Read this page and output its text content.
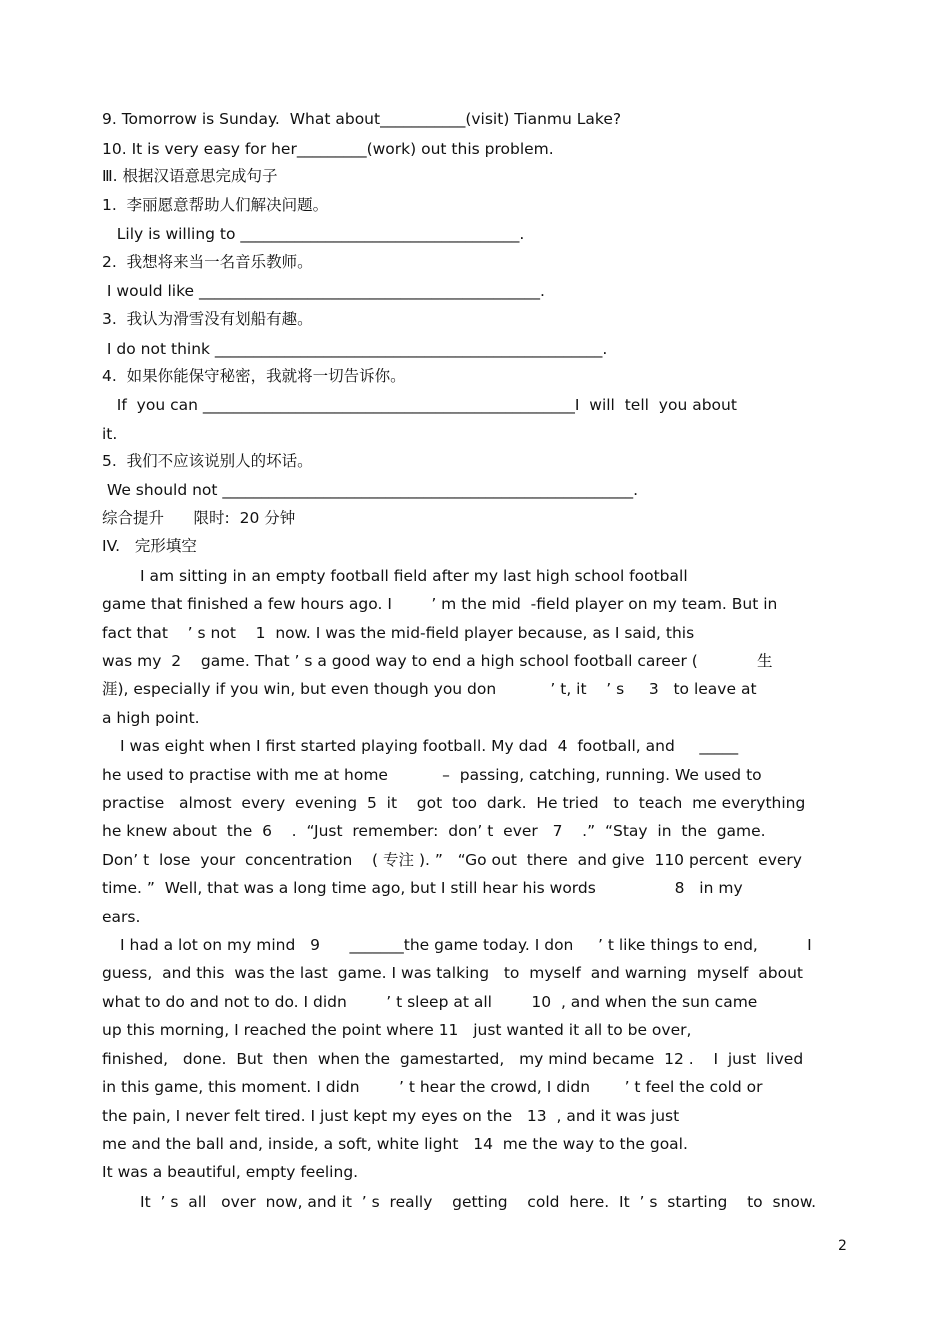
9. Tomorrow is Sunday.  What about___________(visit) Tianmu Lake?
10. It is very easy for her_________(work) out this problem.
Ⅲ. 根据汉语意思完成句子
1.  李丽愿意帮助人们解决问题。
Lily is willing to ____________________________________.
2.  我想将来当一名音乐教师。
I would like ____________________________________________.
3.  我认为滑雪没有划船有趣。
I do not think __________________________________________________.
4.  如果你能保守秘密，我就将一切告诉你。
If  you can ________________________________________________I  will  tell  you about
it.
5.  我们不应该说别人的坏话。
We should not _____________________________________________________.
综合提升      限时:  20 分钟
IV.   完形填空
I am sitting in an empty football field after my last high school football
game that finished a few hours ago. I        ’ m the mid  -field player on my team. But in
fact that    ’ s not    1  now. I was the mid-field player because, as I said, this
was my  2    game. That ’ s a good way to end a high school football career (            生
涯), especially if you win, but even though you don           ’ t, it    ’ s     3   to leave at
a high point.
I was eight when I first started playing football. My dad  4  football, and     _____
he used to practise with me at home           –  passing, catching, running. We used to
practise   almost  every  evening  5  it    got  too  dark.  He tried   to  teach  me everything
he knew about  the  6    .  “Just  remember:  don’ t  ever   7    .”  “Stay  in  the  game.
Don’ t  lose  your  concentration    ( 专注 ). ”   “Go out  there  and give  110 percent  every
time. ”  Well, that was a long time ago, but I still hear his words                8   in my
ears.
I had a lot on my mind   9      _______the game today. I don     ’ t like things to end,          I
guess,  and this  was the last  game. I was talking   to  myself  and warning  myself  about
what to do and not to do. I didn        ’ t sleep at all        10  , and when the sun came
up this morning, I reached the point where 11   just wanted it all to be over,
finished,   done.  But  then  when the  gamestarted,   my mind became  12 .    I  just  lived
in this game, this moment. I didn        ’ t hear the crowd, I didn       ’ t feel the cold or
the pain, I never felt tired. I just kept my eyes on the   13  , and it was just
me and the ball and, inside, a soft, white light   14  me the way to the goal.
It was a beautiful, empty feeling.
It  ’ s  all   over  now, and it  ’ s  really    getting    cold  here.  It  ’ s  starting    to  snow.
2
